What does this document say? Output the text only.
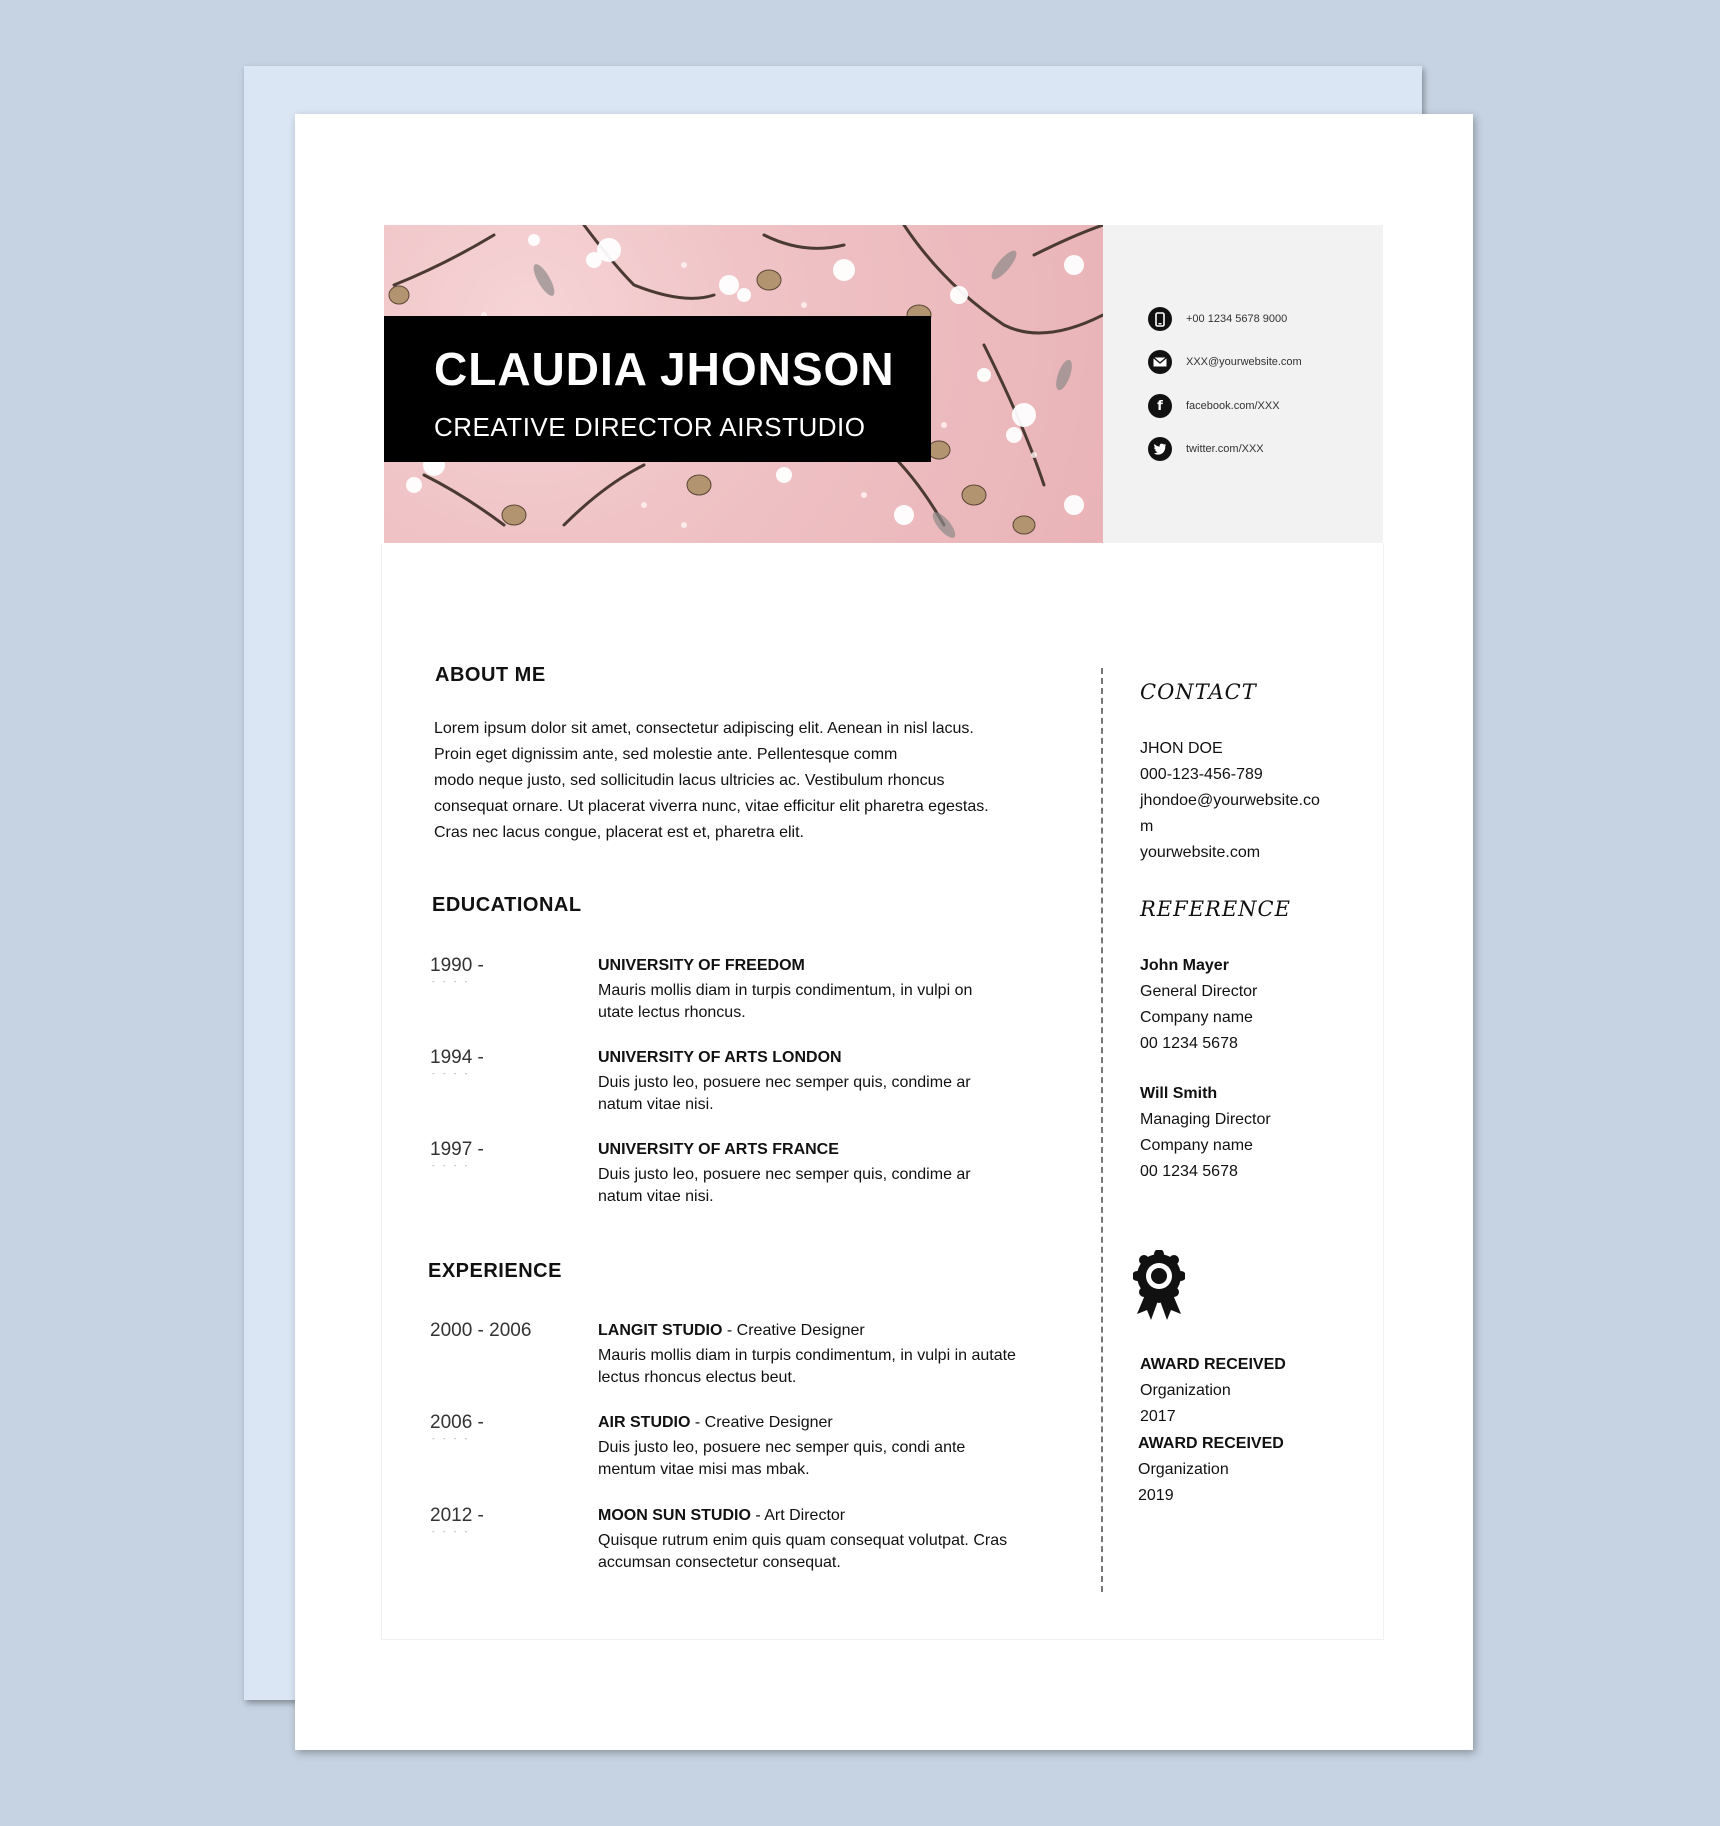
CLAUDIA JHONSON
CREATIVE DIRECTOR AIRSTUDIO
+00 1234 5678 9000
XXX@yourwebsite.com
f	facebook.com/XXX
twitter.com/XXX
ABOUT ME
Lorem ipsum dolor sit amet, consectetur adipiscing elit. Aenean in nisl lacus.
Proin eget dignissim ante, sed molestie ante. Pellentesque comm
modo neque justo, sed sollicitudin lacus ultricies ac. Vestibulum rhoncus
consequat ornare. Ut placerat viverra nunc, vitae efficitur elit pharetra egestas.
Cras nec lacus congue, placerat est et, pharetra elit.
EDUCATIONAL
1990 -
- - - -
UNIVERSITY OF FREEDOM
Mauris mollis diam in turpis condimentum, in vulpi on
utate lectus rhoncus.
1994 -
- - - -
UNIVERSITY OF ARTS LONDON
Duis justo leo, posuere nec semper quis, condime ar
natum vitae nisi.
1997 -
- - - -
UNIVERSITY OF ARTS FRANCE
Duis justo leo, posuere nec semper quis, condime ar
natum vitae nisi.
EXPERIENCE
2000 - 2006	LANGIT STUDIO - Creative Designer
Mauris mollis diam in turpis condimentum, in vulpi in autate
lectus rhoncus electus beut.
2006 -
- - - -
AIR STUDIO - Creative Designer
Duis justo leo, posuere nec semper quis, condi ante
mentum vitae misi mas mbak.
2012 -
- - - -
MOON SUN STUDIO - Art Director
Quisque rutrum enim quis quam consequat volutpat. Cras
accumsan consectetur consequat.
CONTACT
JHON DOE
000-123-456-789
jhondoe@yourwebsite.co
m
yourwebsite.com
REFERENCE
John Mayer
General Director
Company name
00 1234 5678
Will Smith
Managing Director
Company name
00 1234 5678
AWARD RECEIVED
Organization
2017
AWARD RECEIVED
Organization
2019
